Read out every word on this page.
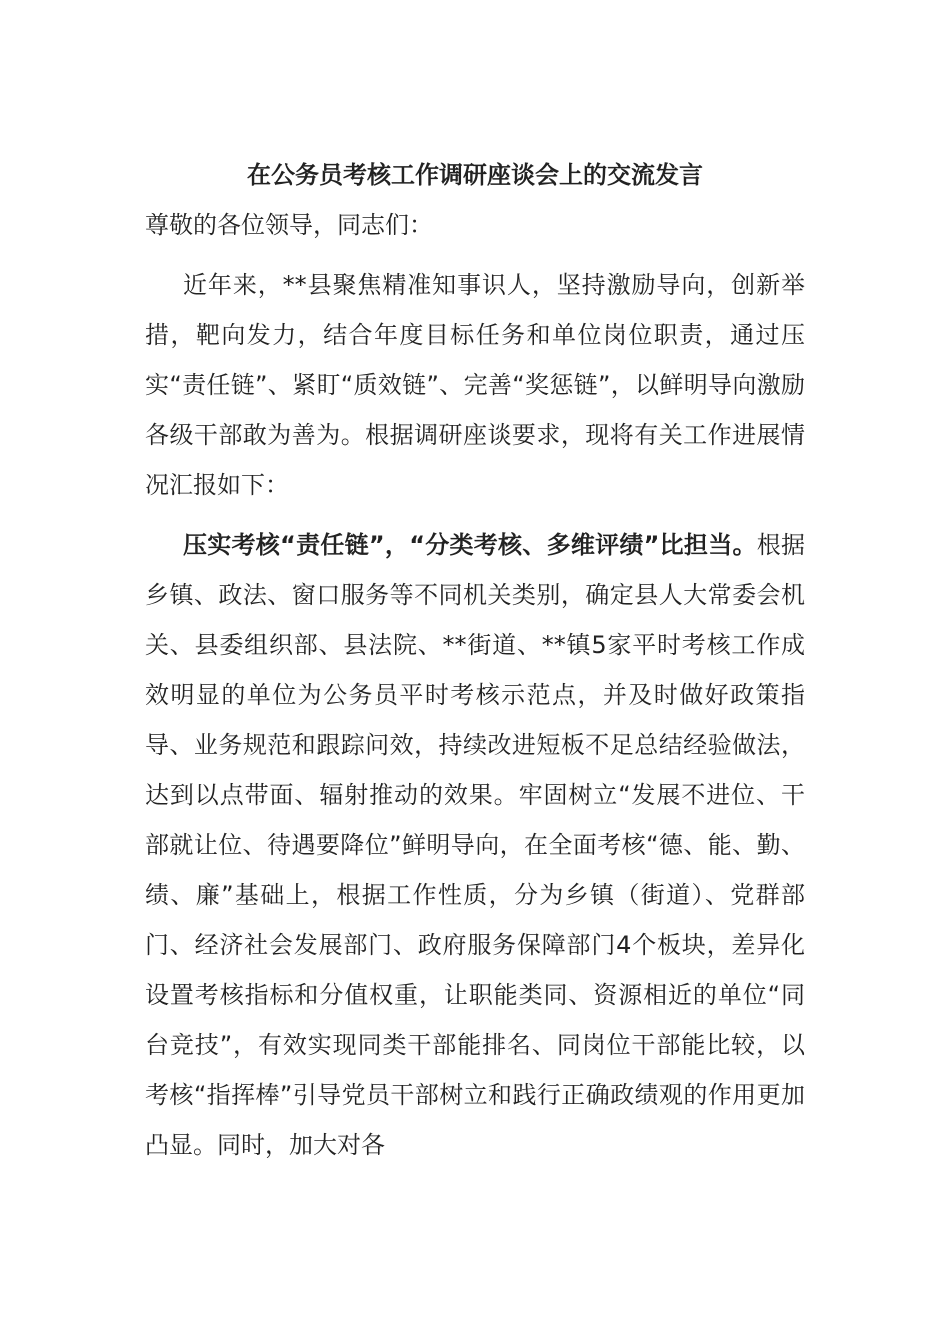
在公务员考核工作调研座谈会上的交流发言

尊敬的各位领导，同志们：

近年来，**县聚焦精准知事识人，坚持激励导向，创新举措，靶向发力，结合年度目标任务和单位岗位职责，通过压实“责任链”、紧盯“质效链”、完善“奖惩链”，以鲜明导向激励各级干部敢为善为。根据调研座谈要求，现将有关工作进展情况汇报如下：

压实考核“责任链”，“分类考核、多维评绩”比担当。根据乡镇、政法、窗口服务等不同机关类别，确定县人大常委会机关、县委组织部、县法院、**街道、**镇5家平时考核工作成效明显的单位为公务员平时考核示范点，并及时做好政策指导、业务规范和跟踪问效，持续改进短板不足总结经验做法，达到以点带面、辐射推动的效果。牢固树立“发展不进位、干部就让位、待遇要降位”鲜明导向，在全面考核“德、能、勤、绩、廉”基础上，根据工作性质，分为乡镇（街道）、党群部门、经济社会发展部门、政府服务保障部门4个板块，差异化设置考核指标和分值权重，让职能类同、资源相近的单位“同台竞技”，有效实现同类干部能排名、同岗位干部能比较，以考核“指挥棒”引导党员干部树立和践行正确政绩观的作用更加凸显。同时，加大对各
